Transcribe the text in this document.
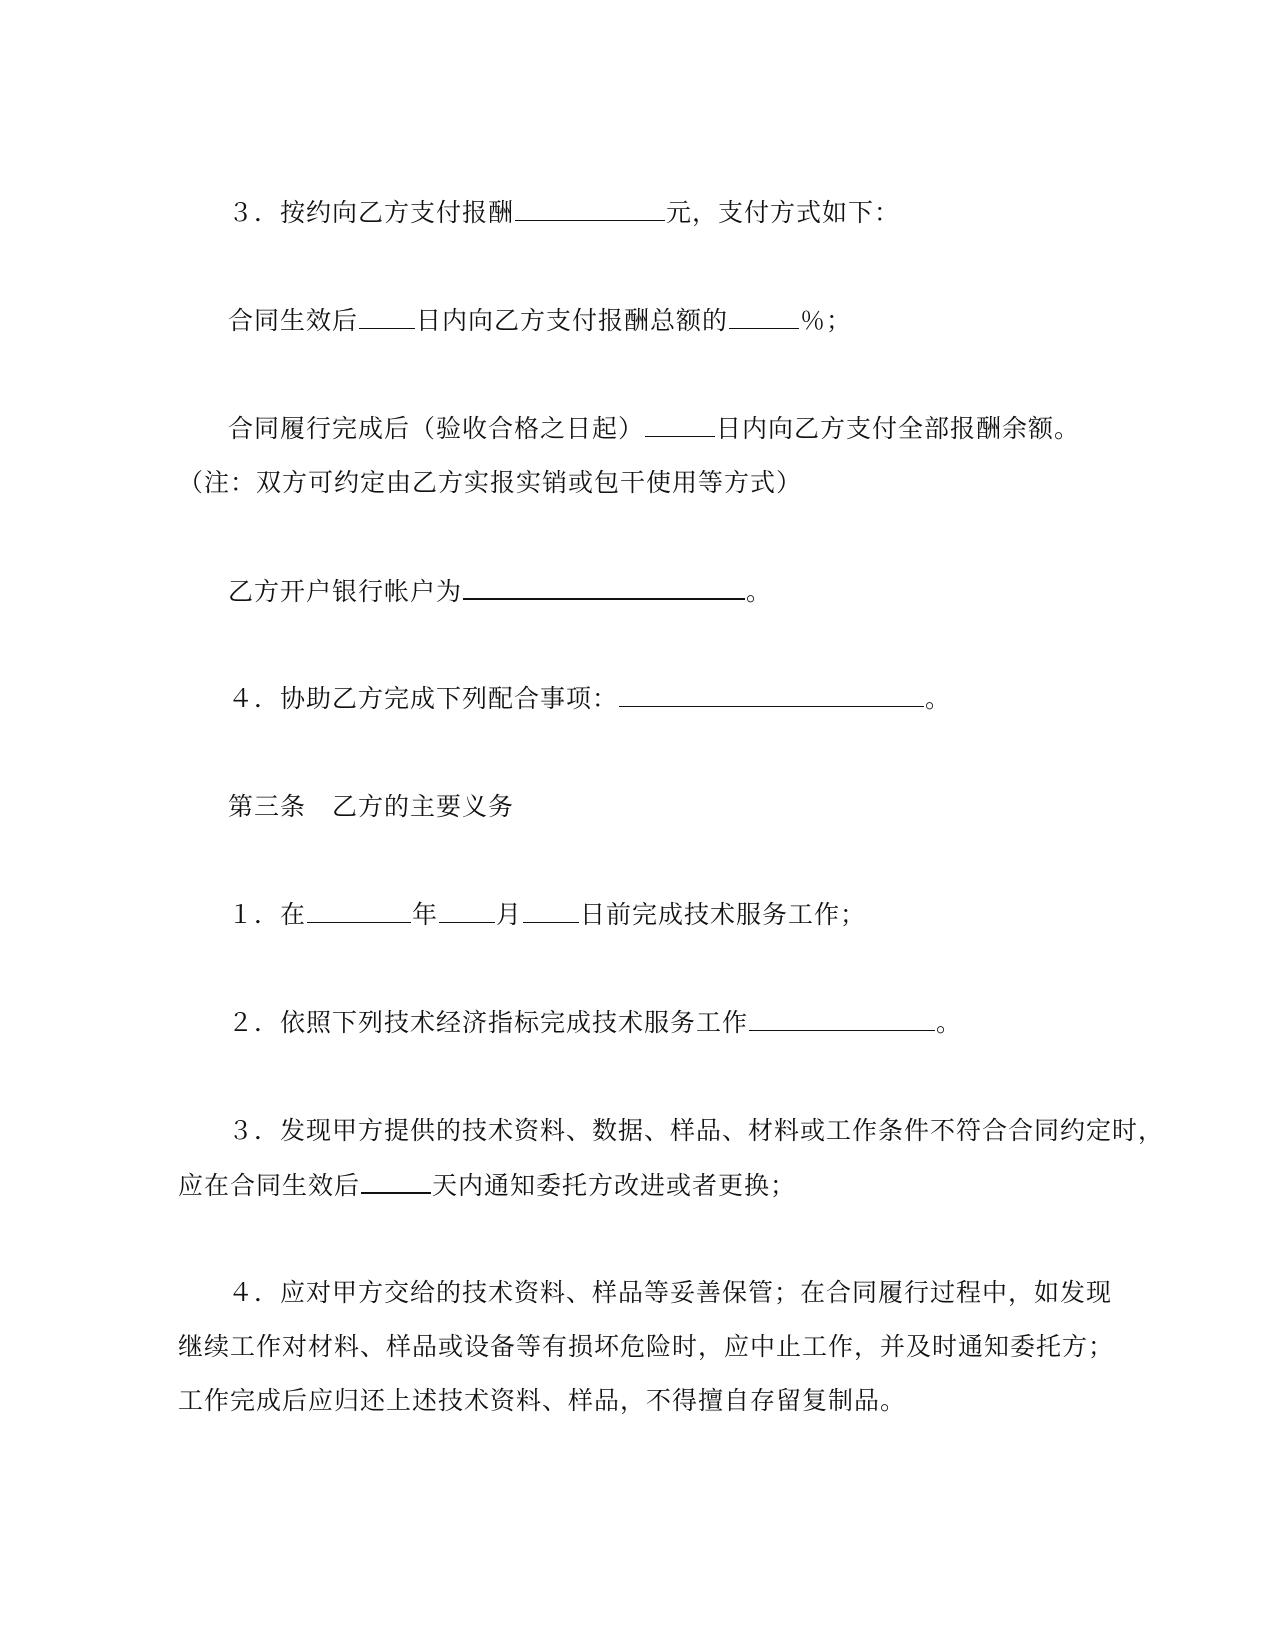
３．按约向乙方支付报酬	元，支付方式如下：
合同生效后 日内向乙方支付报酬总额的	％；
合同履行完成后（验收合格之日起）	日内向乙方支付全部报酬余额。
（注：双方可约定由乙方实报实销或包干使用等方式）
乙方开户银行帐户为	。
４．协助乙方完成下列配合事项：	。
第三条　乙方的主要义务
１．在	年 月 日前完成技术服务工作；
２．依照下列技术经济指标完成技术服务工作	。
３．发现甲方提供的技术资料、数据、样品、材料或工作条件不符合合同约定时，
应在合同生效后	天内通知委托方改进或者更换；
４．应对甲方交给的技术资料、样品等妥善保管；在合同履行过程中，如发现
继续工作对材料、样品或设备等有损坏危险时，应中止工作，并及时通知委托方；
工作完成后应归还上述技术资料、样品，不得擅自存留复制品。
